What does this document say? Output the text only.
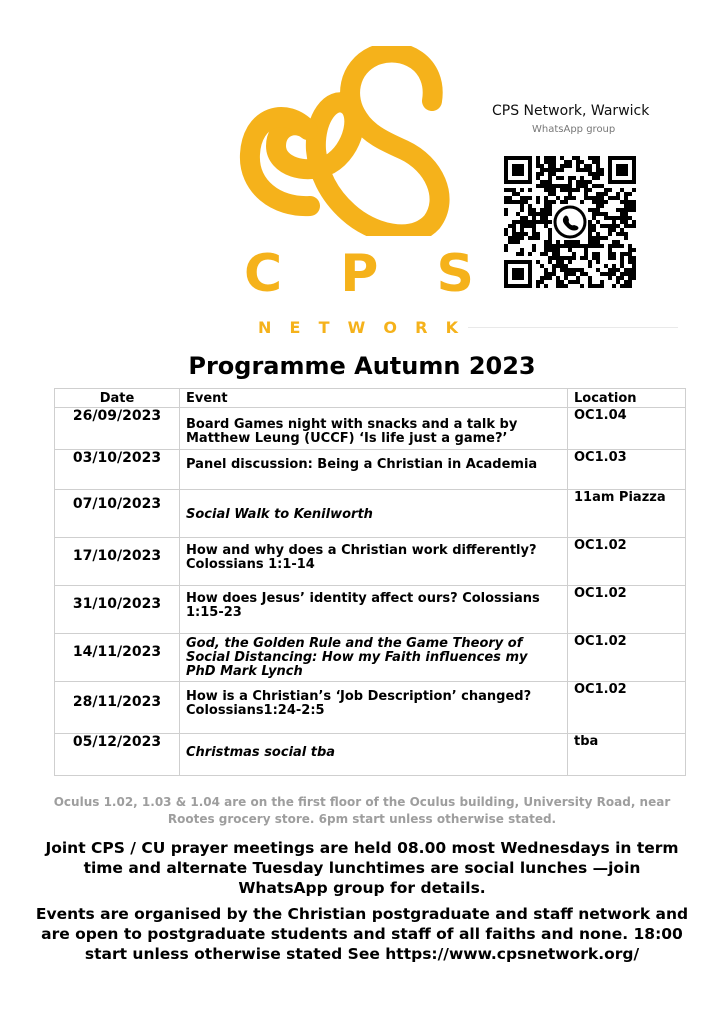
C P S
N E T W O R K
CPS Network, Warwick
WhatsApp group
Programme Autumn 2023
Date	Event	Location
26/09/2023	Board Games night with snacks and a talk by Matthew Leung (UCCF) ‘Is life just a game?’	OC1.04
03/10/2023	Panel discussion: Being a Christian in Academia	OC1.03
07/10/2023	Social Walk to Kenilworth	11am Piazza
17/10/2023	How and why does a Christian work differently? Colossians 1:1-14	OC1.02
31/10/2023	How does Jesus’ identity affect ours? Colossians 1:15-23	OC1.02
14/11/2023	God, the Golden Rule and the Game Theory of Social Distancing: How my Faith influences my PhD Mark Lynch	OC1.02
28/11/2023	How is a Christian’s ‘Job Description’ changed? Colossians1:24-2:5	OC1.02
05/12/2023	Christmas social tba	tba
Oculus 1.02, 1.03 & 1.04 are on the first floor of the Oculus building, University Road, near Rootes grocery store. 6pm start unless otherwise stated.
Joint CPS / CU prayer meetings are held 08.00 most Wednesdays in term time and alternate Tuesday lunchtimes are social lunches —join WhatsApp group for details.
Events are organised by the Christian postgraduate and staff network and are open to postgraduate students and staff of all faiths and none. 18:00 start unless otherwise stated See https://www.cpsnetwork.org/
